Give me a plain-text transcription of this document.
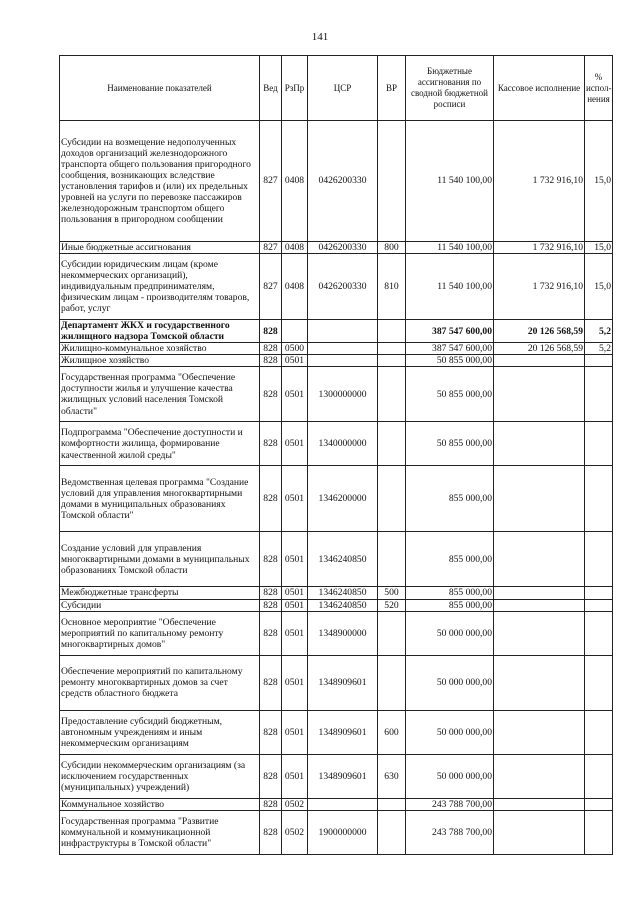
141
Наименование показателей	Вед	РзПр	ЦСР	ВР	Бюджетные ассигнования по сводной бюджетной росписи	Кассовое исполнение	% испол-нения
Субсидии на возмещение недополученных доходов организаций железнодорожного транспорта общего пользования пригородного сообщения, возникающих вследствие установления тарифов и (или) их предельных уровней на услуги по перевозке пассажиров железнодорожным транспортом общего пользования в пригородном сообщении	827	0408	0426200330		11 540 100,00	1 732 916,10	15,0
Иные бюджетные ассигнования	827	0408	0426200330	800	11 540 100,00	1 732 916,10	15,0
Субсидии юридическим лицам (кроме некоммерческих организаций), индивидуальным предпринимателям, физическим лицам - производителям товаров, работ, услуг	827	0408	0426200330	810	11 540 100,00	1 732 916,10	15,0
Департамент ЖКХ и государственного жилищного надзора Томской области	828				387 547 600,00	20 126 568,59	5,2
Жилищно-коммунальное хозяйство	828	0500			387 547 600,00	20 126 568,59	5,2
Жилищное хозяйство	828	0501			50 855 000,00		
Государственная программа "Обеспечение доступности жилья и улучшение качества жилищных условий населения Томской области"	828	0501	1300000000		50 855 000,00		
Подпрограмма "Обеспечение доступности и комфортности жилища, формирование качественной жилой среды"	828	0501	1340000000		50 855 000,00		
Ведомственная целевая программа "Создание условий для управления многоквартирными домами в муниципальных образованиях Томской области"	828	0501	1346200000		855 000,00		
Создание условий для управления многоквартирными домами в муниципальных образованиях Томской области	828	0501	1346240850		855 000,00		
Межбюджетные трансферты	828	0501	1346240850	500	855 000,00		
Субсидии	828	0501	1346240850	520	855 000,00		
Основное мероприятие "Обеспечение мероприятий по капитальному ремонту многоквартирных домов"	828	0501	1348900000		50 000 000,00		
Обеспечение мероприятий по капитальному ремонту многоквартирных домов за счет средств областного бюджета	828	0501	1348909601		50 000 000,00		
Предоставление субсидий бюджетным, автономным учреждениям и иным некоммерческим организациям	828	0501	1348909601	600	50 000 000,00		
Субсидии некоммерческим организациям (за исключением государственных (муниципальных) учреждений)	828	0501	1348909601	630	50 000 000,00		
Коммунальное хозяйство	828	0502			243 788 700,00		
Государственная программа "Развитие коммунальной и коммуникационной инфраструктуры в Томской области"	828	0502	1900000000		243 788 700,00		
